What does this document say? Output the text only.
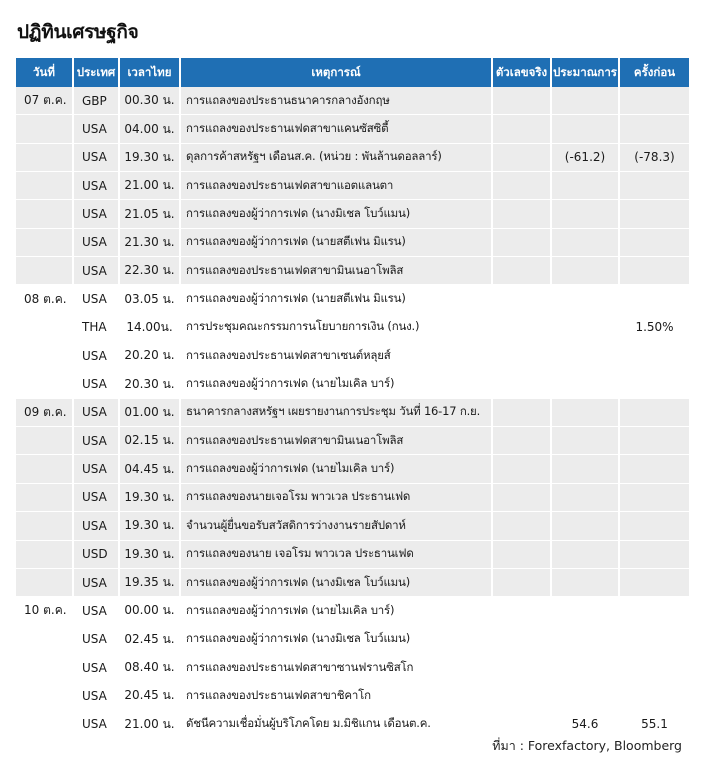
ปฏิทินเศรษฐกิจ
วันที่	ประเทศ	เวลาไทย	เหตุการณ์	ตัวเลขจริง	ประมาณการ	ครั้งก่อน
07 ต.ค.	GBP	00.30 น.	การแถลงของประธานธนาคารกลางอังกฤษ			
	USA	04.00 น.	การแถลงของประธานเฟดสาขาแคนซัสซิตี้			
	USA	19.30 น.	ดุลการค้าสหรัฐฯ เดือนส.ค. (หน่วย : พันล้านดอลลาร์)		(-61.2)	(-78.3)
	USA	21.00 น.	การแถลงของประธานเฟดสาขาแอตแลนตา			
	USA	21.05 น.	การแถลงของผู้ว่าการเฟด (นางมิเชล โบว์แมน)			
	USA	21.30 น.	การแถลงของผู้ว่าการเฟด (นายสตีเฟน มิแรน)			
	USA	22.30 น.	การแถลงของประธานเฟดสาขามินเนอาโพลิส			
08 ต.ค.	USA	03.05 น.	การแถลงของผู้ว่าการเฟด (นายสตีเฟน มิแรน)			
	THA	14.00น.	การประชุมคณะกรรมการนโยบายการเงิน (กนง.)			1.50%
	USA	20.20 น.	การแถลงของประธานเฟดสาขาเซนต์หลุยส์			
	USA	20.30 น.	การแถลงของผู้ว่าการเฟด (นายไมเคิล บาร์)			
09 ต.ค.	USA	01.00 น.	ธนาคารกลางสหรัฐฯ เผยรายงานการประชุม วันที่ 16-17 ก.ย.			
	USA	02.15 น.	การแถลงของประธานเฟดสาขามินเนอาโพลิส			
	USA	04.45 น.	การแถลงของผู้ว่าการเฟด (นายไมเคิล บาร์)			
	USA	19.30 น.	การแถลงของนายเจอโรม พาวเวล ประธานเฟด			
	USA	19.30 น.	จำนวนผู้ยื่นขอรับสวัสดิการว่างงานรายสัปดาห์			
	USD	19.30 น.	การแถลงของนาย เจอโรม พาวเวล ประธานเฟด			
	USA	19.35 น.	การแถลงของผู้ว่าการเฟด (นางมิเชล โบว์แมน)			
10 ต.ค.	USA	00.00 น.	การแถลงของผู้ว่าการเฟด (นายไมเคิล บาร์)			
	USA	02.45 น.	การแถลงของผู้ว่าการเฟด (นางมิเชล โบว์แมน)			
	USA	08.40 น.	การแถลงของประธานเฟดสาขาซานฟรานซิสโก			
	USA	20.45 น.	การแถลงของประธานเฟดสาขาชิคาโก			
	USA	21.00 น.	ดัชนีความเชื่อมั่นผู้บริโภคโดย ม.มิชิแกน เดือนต.ค.		54.6	55.1
ที่มา : Forexfactory, Bloomberg
